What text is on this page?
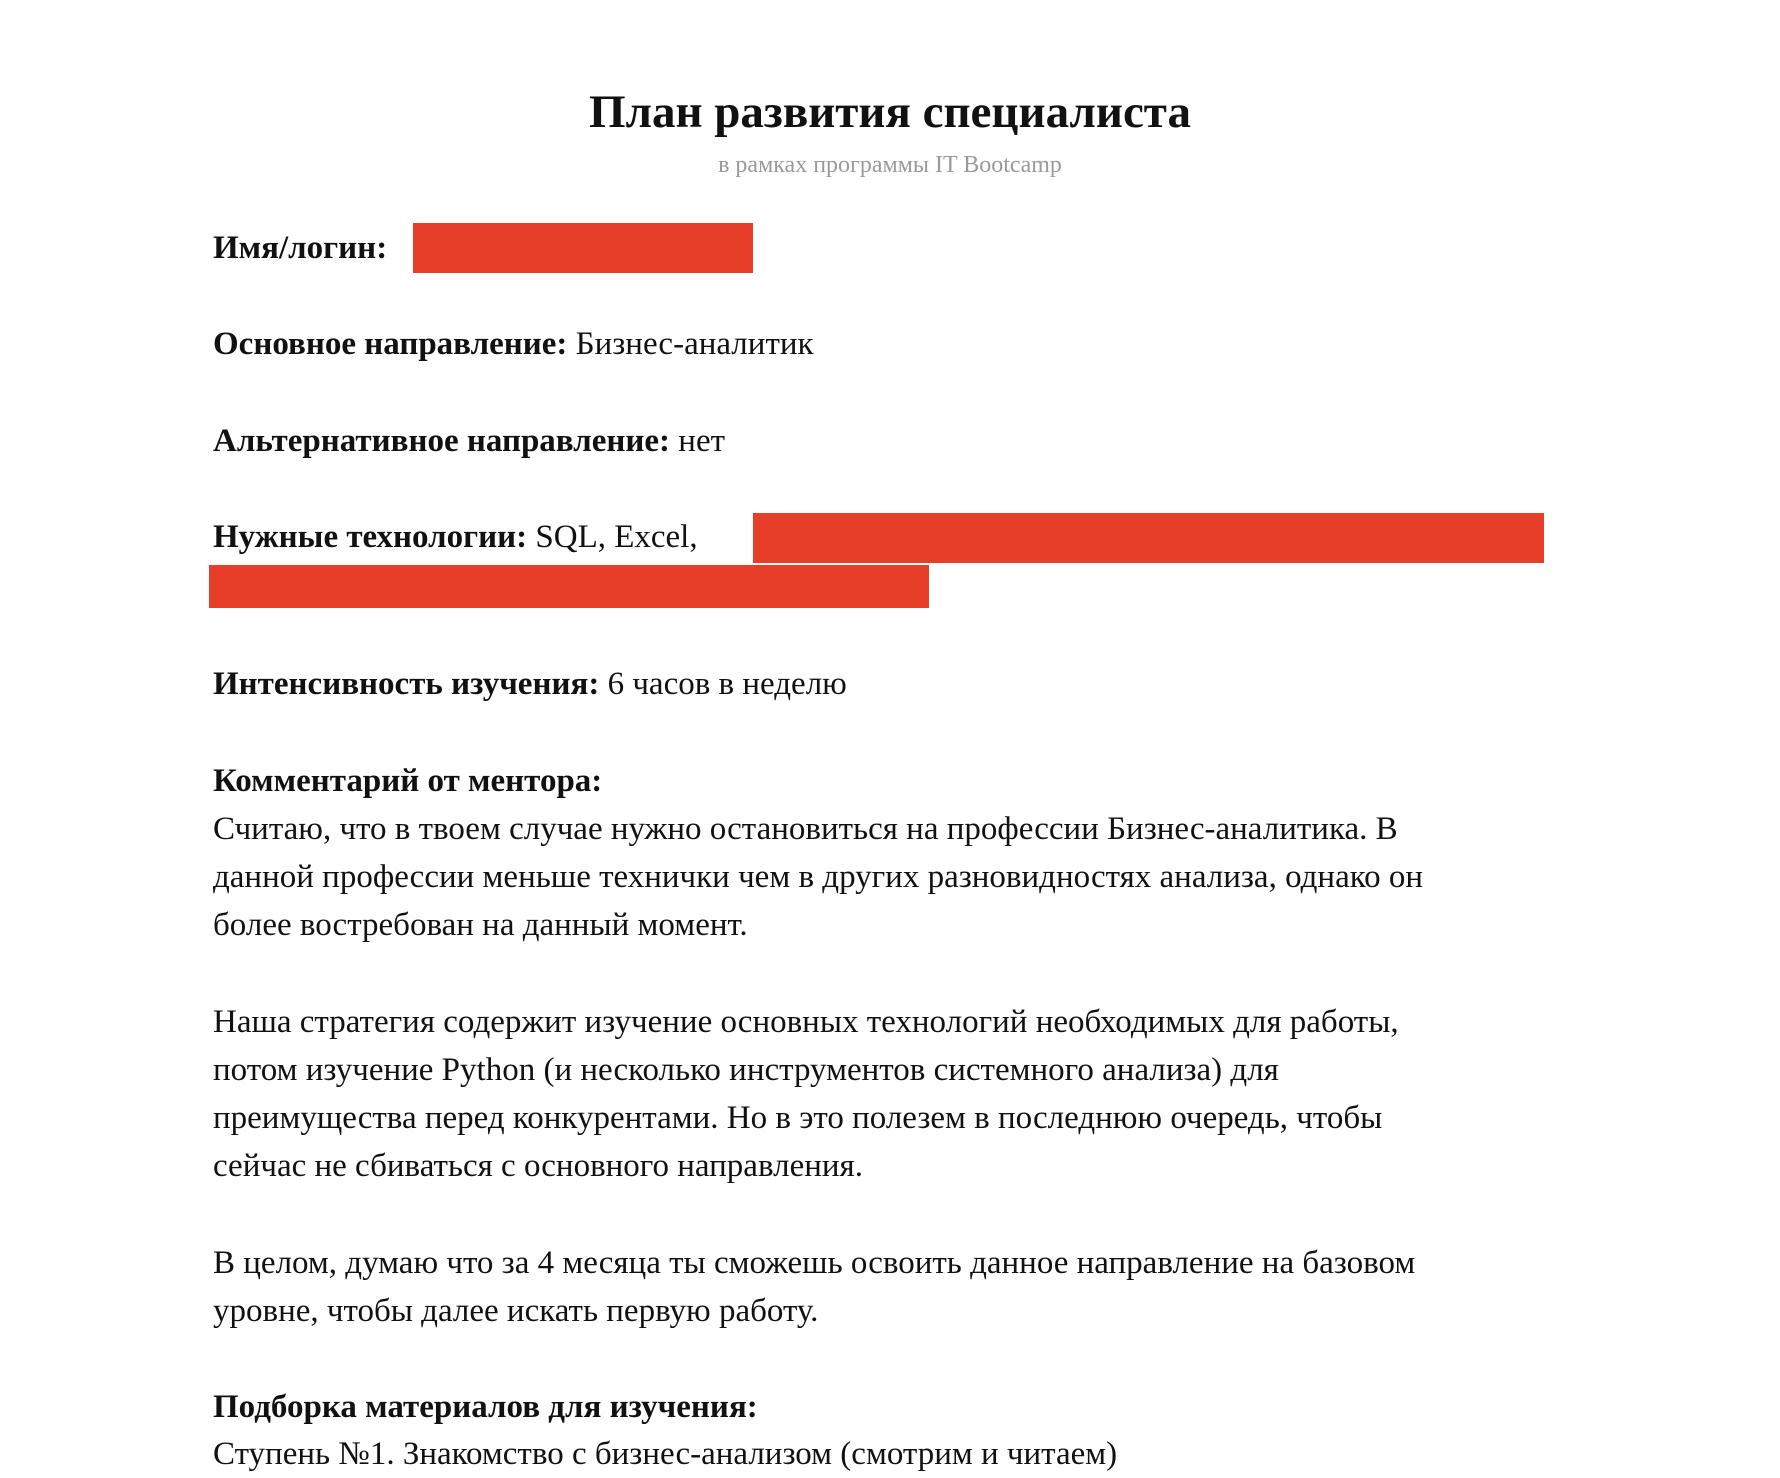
План развития специалиста

в рамках программы IT Bootcamp

Имя/логин:

Основное направление: Бизнес-аналитик

Альтернативное направление: нет

Нужные технологии: SQL, Excel,

Интенсивность изучения: 6 часов в неделю

Комментарий от ментора:

Считаю, что в твоем случае нужно остановиться на профессии Бизнес-аналитика. В
данной профессии меньше технички чем в других разновидностях анализа, однако он
более востребован на данный момент.

Наша стратегия содержит изучение основных технологий необходимых для работы,
потом изучение Python (и несколько инструментов системного анализа) для
преимущества перед конкурентами. Но в это полезем в последнюю очередь, чтобы
сейчас не сбиваться с основного направления.

В целом, думаю что за 4 месяца ты сможешь освоить данное направление на базовом
уровне, чтобы далее искать первую работу.

Подборка материалов для изучения:

Ступень №1. Знакомство с бизнес-анализом (смотрим и читаем)
